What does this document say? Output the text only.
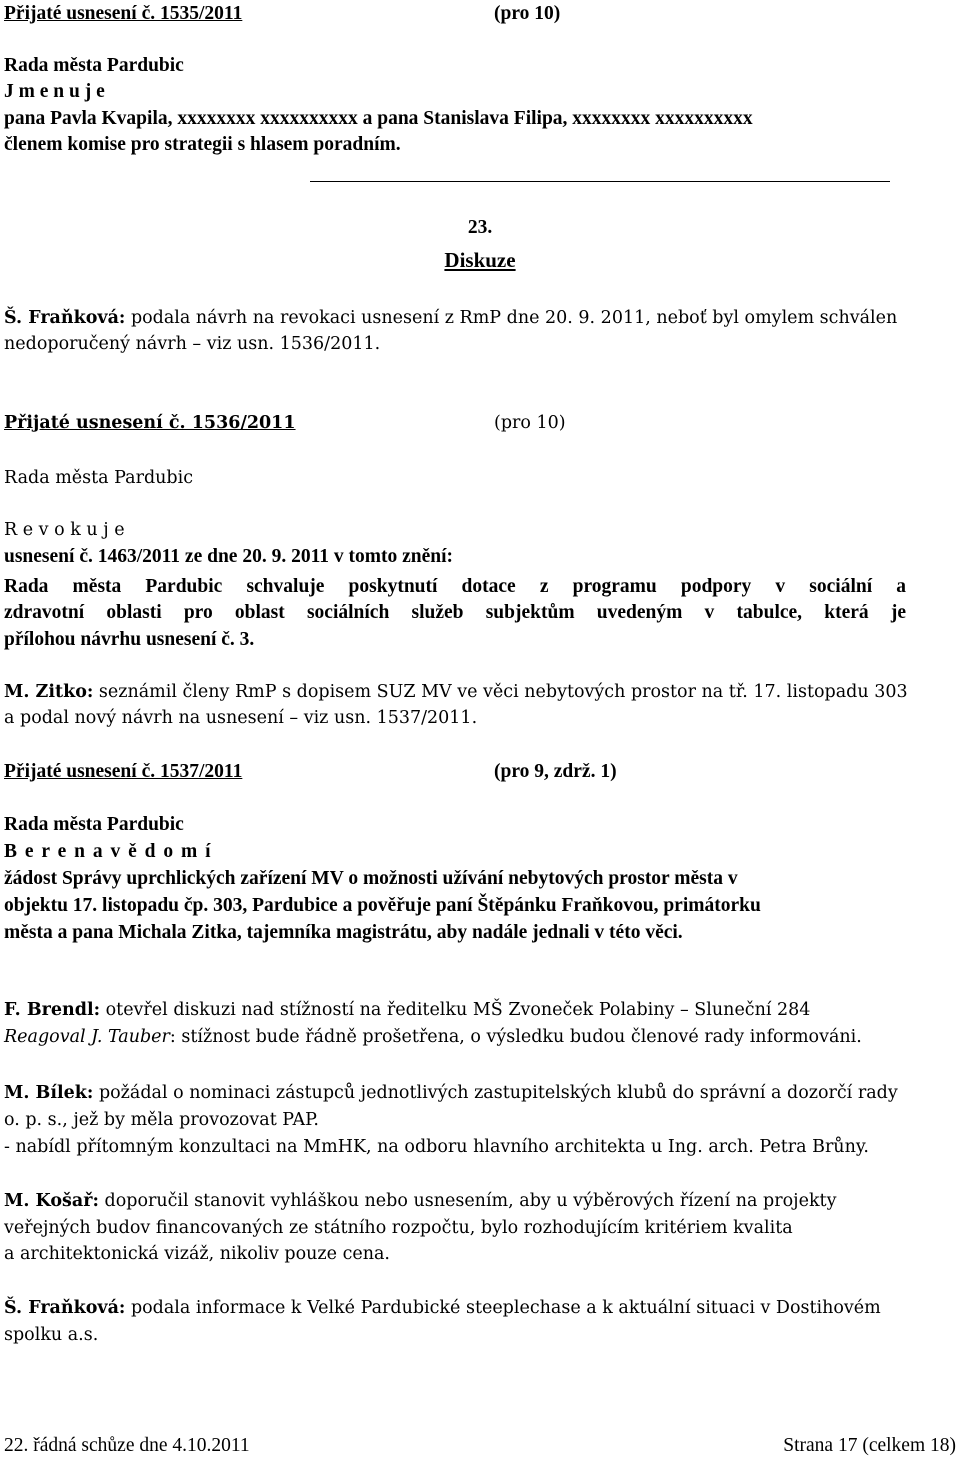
Přijaté usnesení č. 1535/2011	(pro 10)
Rada města Pardubic
J m e n u j e
pana Pavla Kvapila, xxxxxxxx xxxxxxxxxx a pana Stanislava Filipa, xxxxxxxx xxxxxxxxxx
členem komise pro strategii s hlasem poradním.
23.
Diskuze
Š. Fraňková: podala návrh na revokaci usnesení z RmP dne 20. 9. 2011, neboť byl omylem schválen
nedoporučený návrh – viz usn. 1536/2011.
Přijaté usnesení č. 1536/2011	(pro 10)
Rada města Pardubic
R e v o k u j e
usnesení č. 1463/2011 ze dne 20. 9. 2011 v tomto znění:
Rada města Pardubic schvaluje poskytnutí dotace z programu podpory v sociální a
zdravotní oblasti pro oblast sociálních služeb subjektům uvedeným v tabulce, která je
přílohou návrhu usnesení č. 3.
M. Zitko: seznámil členy RmP s dopisem SUZ MV ve věci nebytových prostor na tř. 17. listopadu 303
a podal nový návrh na usnesení – viz usn. 1537/2011.
Přijaté usnesení č. 1537/2011	(pro 9, zdrž. 1)
Rada města Pardubic
B e r e n a v ě d o m í
žádost Správy uprchlických zařízení MV o možnosti užívání nebytových prostor města v
objektu 17. listopadu čp. 303, Pardubice a pověřuje paní Štěpánku Fraňkovou, primátorku
města a pana Michala Zitka, tajemníka magistrátu, aby nadále jednali v této věci.
F. Brendl: otevřel diskuzi nad stížností na ředitelku MŠ Zvoneček Polabiny – Sluneční 284
Reagoval J. Tauber: stížnost bude řádně prošetřena, o výsledku budou členové rady informováni.
M. Bílek: požádal o nominaci zástupců jednotlivých zastupitelských klubů do správní a dozorčí rady
o. p. s., jež by měla provozovat PAP.
- nabídl přítomným konzultaci na MmHK, na odboru hlavního architekta u Ing. arch. Petra Brůny.
M. Košař: doporučil stanovit vyhláškou nebo usnesením, aby u výběrových řízení na projekty
veřejných budov financovaných ze státního rozpočtu, bylo rozhodujícím kritériem kvalita
a architektonická vizáž, nikoliv pouze cena.
Š. Fraňková: podala informace k Velké Pardubické steeplechase a k aktuální situaci v Dostihovém
spolku a.s.
22. řádná schůze dne 4.10.2011	Strana 17 (celkem 18)
